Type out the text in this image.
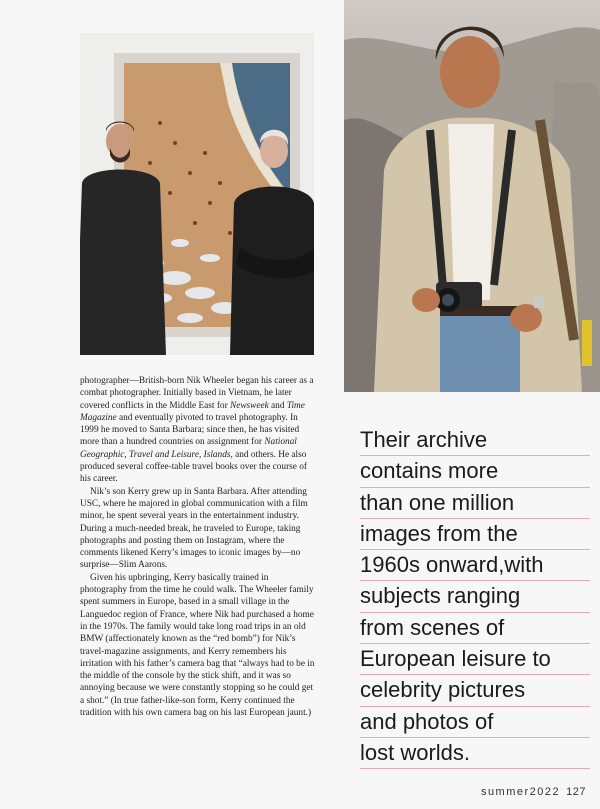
photographer—British-born Nik Wheeler began his career as a combat photographer. Initially based in Vietnam, he later covered conflicts in the Middle East for Newsweek and Time Magazine and eventually pivoted to travel photography. In 1999 he moved to Santa Barbara; since then, he has visited more than a hundred countries on assignment for National Geographic, Travel and Leisure, Islands, and others. He also produced several coffee-table travel books over the course of his career.

Nik’s son Kerry grew up in Santa Barbara. After attending USC, where he majored in global communication with a film minor, he spent several years in the entertainment industry. During a much-needed break, he traveled to Europe, taking photographs and posting them on Instagram, where the comments likened Kerry’s images to iconic images by—no surprise—Slim Aarons.

Given his upbringing, Kerry basically trained in photography from the time he could walk. The Wheeler family spent summers in Europe, based in a small village in the Languedoc region of France, where Nik had purchased a home in the 1970s. The family would take long road trips in an old BMW (affectionately known as the “red bomb”) for Nik’s travel-magazine assignments, and Kerry remembers his irritation with his father’s camera bag that “always had to be in the middle of the console by the stick shift, and it was so annoying because we were constantly stopping so he could get a shot.” (In true father-like-son form, Kerry continued the tradition with his own camera bag on his last European jaunt.)

Their archive
contains more
than one million
images from the
1960s onward,with
subjects ranging
from scenes of
European leisure to
celebrity pictures
and photos of
lost worlds.
summer2022 127
